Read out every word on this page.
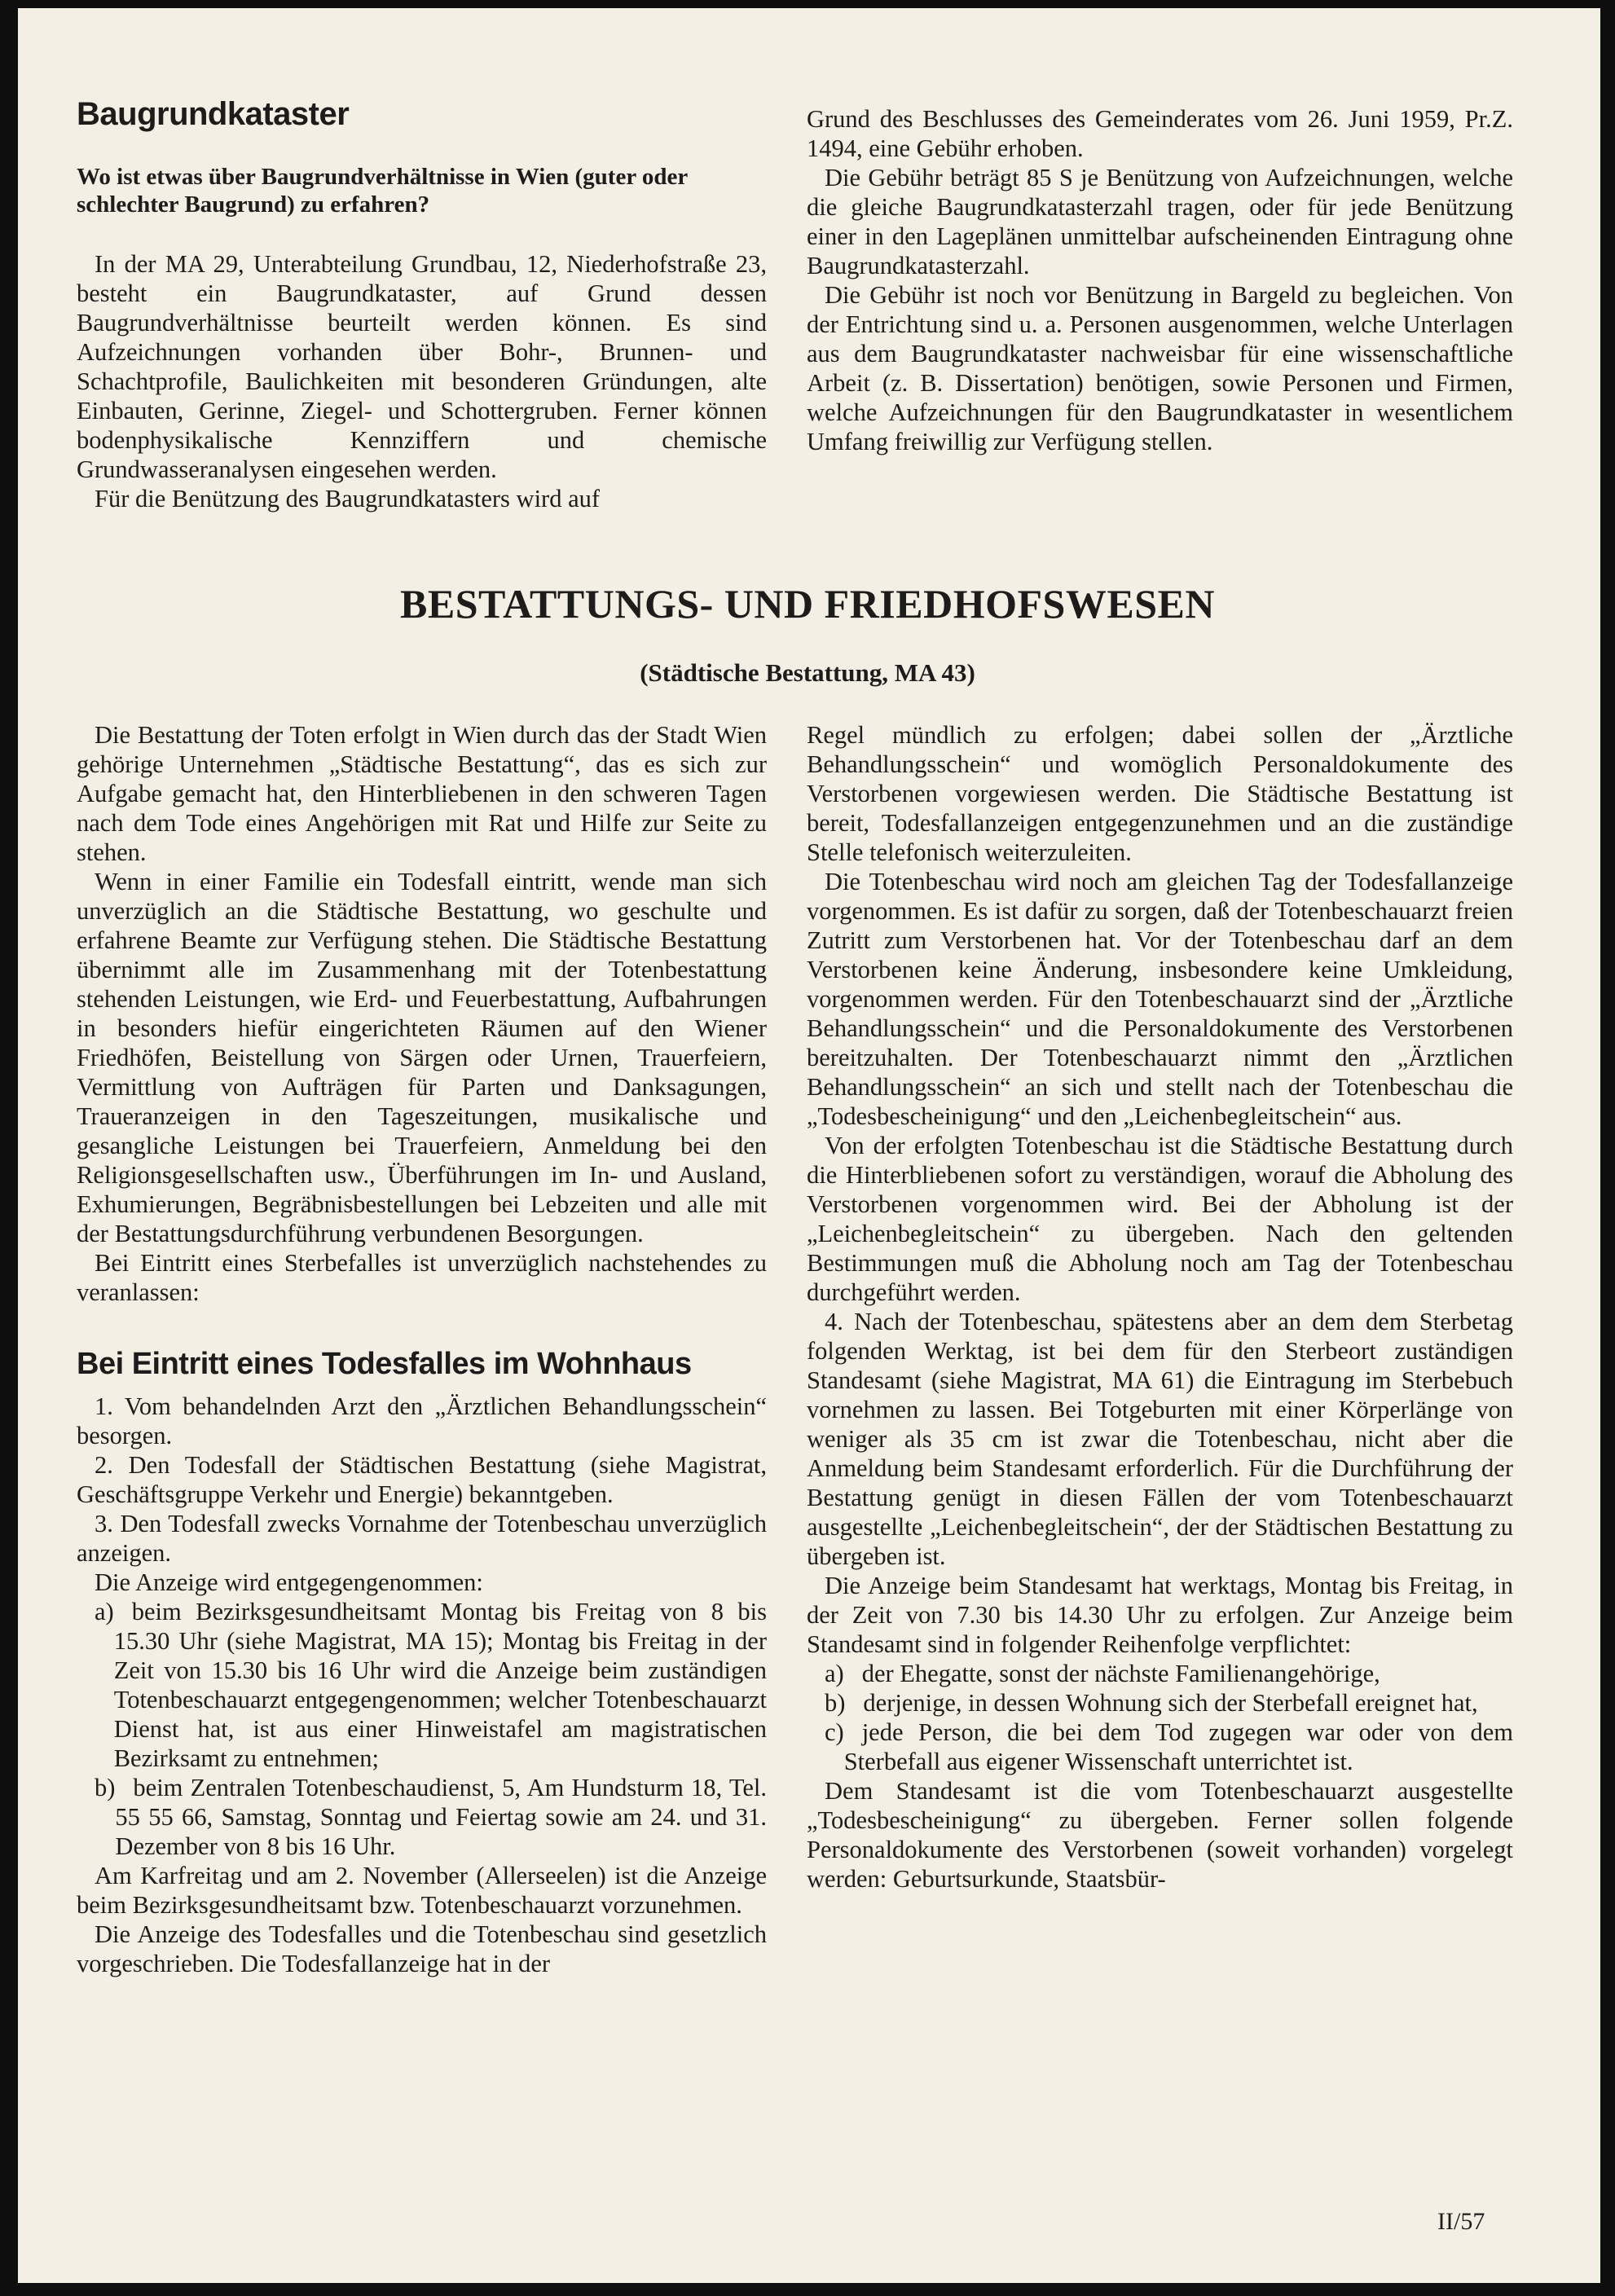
Baugrundkataster

Wo ist etwas über Baugrundverhältnisse in Wien (guter oder schlechter Baugrund) zu erfahren?

In der MA 29, Unterabteilung Grundbau, 12, Niederhofstraße 23, besteht ein Baugrundkataster, auf Grund dessen Baugrundverhältnisse beurteilt werden können. Es sind Aufzeichnungen vorhanden über Bohr-, Brunnen- und Schachtprofile, Baulichkeiten mit besonderen Gründungen, alte Einbauten, Gerinne, Ziegel- und Schottergruben. Ferner können bodenphysikalische Kennziffern und chemische Grundwasseranalysen eingesehen werden.

Für die Benützung des Baugrundkatasters wird auf

Grund des Beschlusses des Gemeinderates vom 26. Juni 1959, Pr.Z. 1494, eine Gebühr erhoben.

Die Gebühr beträgt 85 S je Benützung von Aufzeichnungen, welche die gleiche Baugrundkatasterzahl tragen, oder für jede Benützung einer in den Lageplänen unmittelbar aufscheinenden Eintragung ohne Baugrundkatasterzahl.

Die Gebühr ist noch vor Benützung in Bargeld zu begleichen. Von der Entrichtung sind u. a. Personen ausgenommen, welche Unterlagen aus dem Baugrundkataster nachweisbar für eine wissenschaftliche Arbeit (z. B. Dissertation) benötigen, sowie Personen und Firmen, welche Aufzeichnungen für den Baugrundkataster in wesentlichem Umfang freiwillig zur Verfügung stellen.

BESTATTUNGS- UND FRIEDHOFSWESEN

(Städtische Bestattung, MA 43)

Die Bestattung der Toten erfolgt in Wien durch das der Stadt Wien gehörige Unternehmen „Städtische Bestattung“, das es sich zur Aufgabe gemacht hat, den Hinterbliebenen in den schweren Tagen nach dem Tode eines Angehörigen mit Rat und Hilfe zur Seite zu stehen.

Wenn in einer Familie ein Todesfall eintritt, wende man sich unverzüglich an die Städtische Bestattung, wo geschulte und erfahrene Beamte zur Verfügung stehen. Die Städtische Bestattung übernimmt alle im Zusammenhang mit der Totenbestattung stehenden Leistungen, wie Erd- und Feuerbestattung, Aufbahrungen in besonders hiefür eingerichteten Räumen auf den Wiener Friedhöfen, Beistellung von Särgen oder Urnen, Trauerfeiern, Vermittlung von Aufträgen für Parten und Danksagungen, Traueranzeigen in den Tageszeitungen, musikalische und gesangliche Leistungen bei Trauerfeiern, Anmeldung bei den Religionsgesellschaften usw., Überführungen im In- und Ausland, Exhumierungen, Begräbnisbestellungen bei Lebzeiten und alle mit der Bestattungsdurchführung verbundenen Besorgungen.

Bei Eintritt eines Sterbefalles ist unverzüglich nachstehendes zu veranlassen:

Bei Eintritt eines Todesfalles im Wohnhaus

1. Vom behandelnden Arzt den „Ärztlichen Behandlungsschein“ besorgen.

2. Den Todesfall der Städtischen Bestattung (siehe Magistrat, Geschäftsgruppe Verkehr und Energie) bekanntgeben.

3. Den Todesfall zwecks Vornahme der Totenbeschau unverzüglich anzeigen.

Die Anzeige wird entgegengenommen:

a) beim Bezirksgesundheitsamt Montag bis Freitag von 8 bis 15.30 Uhr (siehe Magistrat, MA 15); Montag bis Freitag in der Zeit von 15.30 bis 16 Uhr wird die Anzeige beim zuständigen Totenbeschauarzt entgegengenommen; welcher Totenbeschauarzt Dienst hat, ist aus einer Hinweistafel am magistratischen Bezirksamt zu entnehmen;

b) beim Zentralen Totenbeschaudienst, 5, Am Hundsturm 18, Tel. 55 55 66, Samstag, Sonntag und Feiertag sowie am 24. und 31. Dezember von 8 bis 16 Uhr.

Am Karfreitag und am 2. November (Allerseelen) ist die Anzeige beim Bezirksgesundheitsamt bzw. Totenbeschauarzt vorzunehmen.

Die Anzeige des Todesfalles und die Totenbeschau sind gesetzlich vorgeschrieben. Die Todesfallanzeige hat in der

Regel mündlich zu erfolgen; dabei sollen der „Ärztliche Behandlungsschein“ und womöglich Personaldokumente des Verstorbenen vorgewiesen werden. Die Städtische Bestattung ist bereit, Todesfallanzeigen entgegenzunehmen und an die zuständige Stelle telefonisch weiterzuleiten.

Die Totenbeschau wird noch am gleichen Tag der Todesfallanzeige vorgenommen. Es ist dafür zu sorgen, daß der Totenbeschauarzt freien Zutritt zum Verstorbenen hat. Vor der Totenbeschau darf an dem Verstorbenen keine Änderung, insbesondere keine Umkleidung, vorgenommen werden. Für den Totenbeschauarzt sind der „Ärztliche Behandlungsschein“ und die Personaldokumente des Verstorbenen bereitzuhalten. Der Totenbeschauarzt nimmt den „Ärztlichen Behandlungsschein“ an sich und stellt nach der Totenbeschau die „Todesbescheinigung“ und den „Leichenbegleitschein“ aus.

Von der erfolgten Totenbeschau ist die Städtische Bestattung durch die Hinterbliebenen sofort zu verständigen, worauf die Abholung des Verstorbenen vorgenommen wird. Bei der Abholung ist der „Leichenbegleitschein“ zu übergeben. Nach den geltenden Bestimmungen muß die Abholung noch am Tag der Totenbeschau durchgeführt werden.

4. Nach der Totenbeschau, spätestens aber an dem dem Sterbetag folgenden Werktag, ist bei dem für den Sterbeort zuständigen Standesamt (siehe Magistrat, MA 61) die Eintragung im Sterbebuch vornehmen zu lassen. Bei Totgeburten mit einer Körperlänge von weniger als 35 cm ist zwar die Totenbeschau, nicht aber die Anmeldung beim Standesamt erforderlich. Für die Durchführung der Bestattung genügt in diesen Fällen der vom Totenbeschauarzt ausgestellte „Leichenbegleitschein“, der der Städtischen Bestattung zu übergeben ist.

Die Anzeige beim Standesamt hat werktags, Montag bis Freitag, in der Zeit von 7.30 bis 14.30 Uhr zu erfolgen. Zur Anzeige beim Standesamt sind in folgender Reihenfolge verpflichtet:

a) der Ehegatte, sonst der nächste Familienangehörige,

b) derjenige, in dessen Wohnung sich der Sterbefall ereignet hat,

c) jede Person, die bei dem Tod zugegen war oder von dem Sterbefall aus eigener Wissenschaft unterrichtet ist.

Dem Standesamt ist die vom Totenbeschauarzt ausgestellte „Todesbescheinigung“ zu übergeben. Ferner sollen folgende Personaldokumente des Verstorbenen (soweit vorhanden) vorgelegt werden: Geburtsurkunde, Staatsbür-

II/57
